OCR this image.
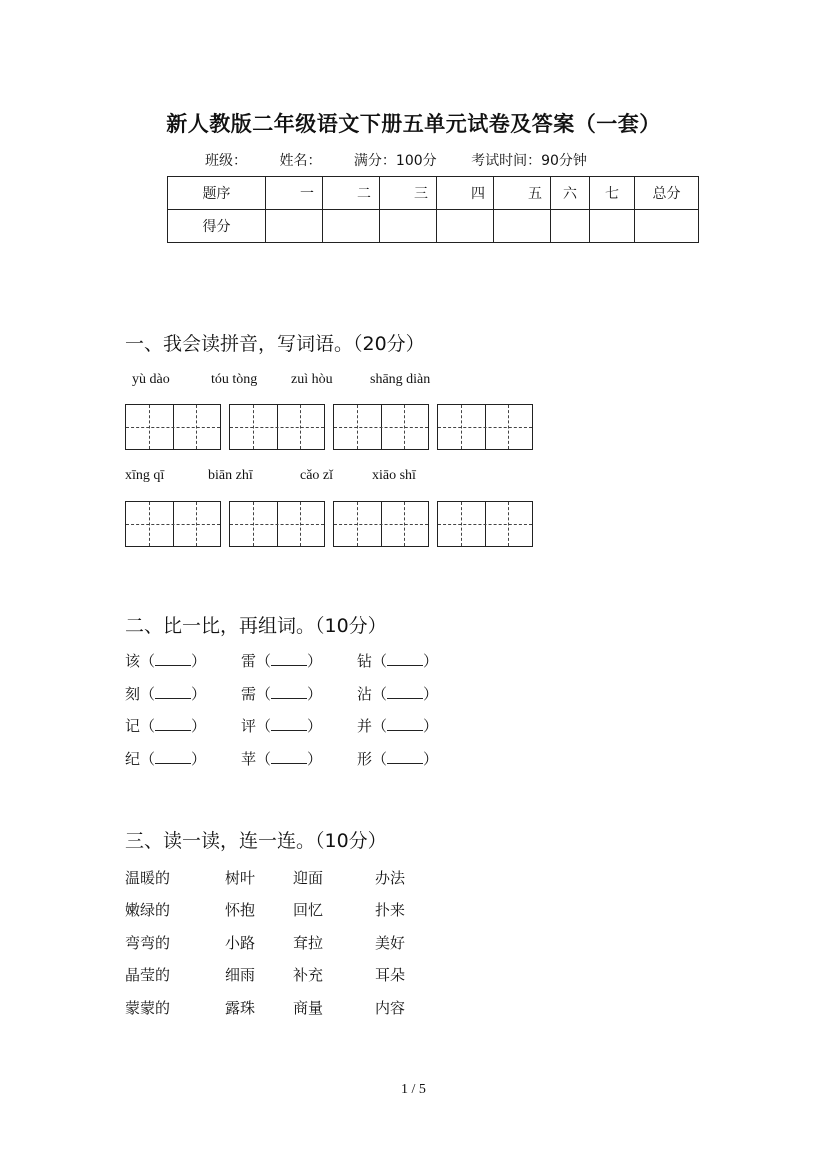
新人教版二年级语文下册五单元试卷及答案（一套）
班级： 姓名： 满分：100分 考试时间：90分钟
题序	一	二	三	四	五	六	七	总分
得分								
一、我会读拼音，写词语。（20分）
yù dào	tóu tòng zuì hòu	shāng diàn
xīng qī	biān zhī	cǎo zǐ	xiāo shī
二、比一比，再组词。（10分）
该（ ） 雷（ ） 钻（ ）
刻（ ） 需（ ） 沾（ ）
记（ ） 评（ ） 并（ ）
纪（ ） 苹（ ） 形（ ）
三、读一读，连一连。（10分）
温暖的	树叶	迎面	办法
嫩绿的	怀抱	回忆	扑来
弯弯的	小路	耷拉	美好
晶莹的	细雨	补充	耳朵
蒙蒙的	露珠	商量	内容
1 / 5
